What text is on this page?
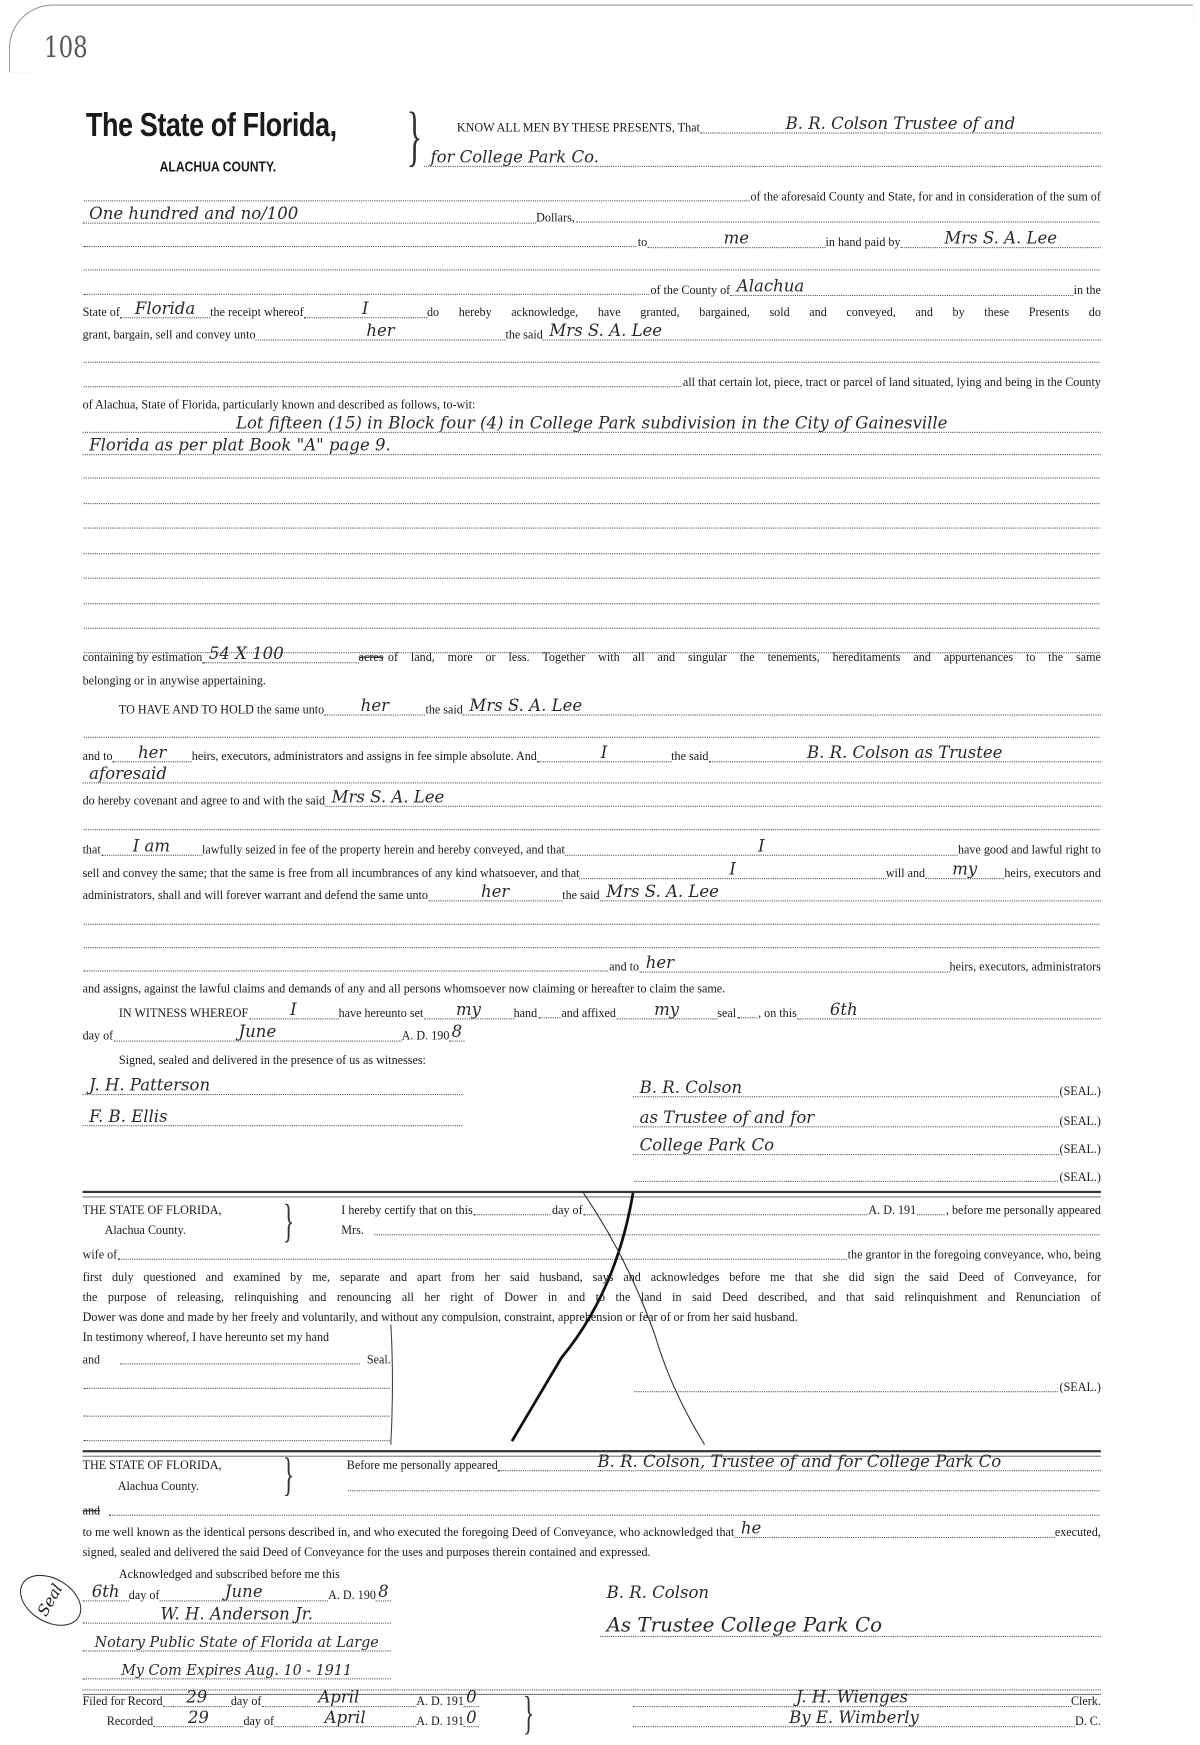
108
The State of Florida,
ALACHUA COUNTY. }	KNOW ALL MEN BY THESE PRESENTS, That	B. R. Colson Trustee of and
for College Park Co.
of the aforesaid County and State, for and in consideration of the sum of
One hundred and no/100	Dollars,
to	me	in hand paid by	Mrs S. A. Lee
of the County of Alachua	in the
State of Florida	the receipt whereof	I	do hereby acknowledge, have granted, bargained, sold and conveyed, and by these Presents do
grant, bargain, sell and convey unto	her	the said Mrs S. A. Lee
all that certain lot, piece, tract or parcel of land situated, lying and being in the County
of Alachua, State of Florida, particularly known and described as follows, to-wit:
Lot fifteen (15) in Block four (4) in College Park subdivision in the City of Gainesville
Florida as per plat Book "A" page 9.
containing by estimation 54 X 100	acres of land, more or less. Together with all and singular the tenements, hereditaments and appurtenances to the same
belonging or in anywise appertaining.
TO HAVE AND TO HOLD the same unto	her	the said Mrs S. A. Lee
and to	her	heirs, executors, administrators and assigns in fee simple absolute. And	I	the said	B. R. Colson as Trustee
aforesaid
do hereby covenant and agree to and with the said Mrs S. A. Lee
that	I am	lawfully seized in fee of the property herein and hereby conveyed, and that	I	have good and lawful right to
sell and convey the same; that the same is free from all incumbrances of any kind whatsoever, and that	I	will and	my	heirs, executors and
administrators, shall and will forever warrant and defend the same unto	her	the said Mrs S. A. Lee
and to her	heirs, executors, administrators
and assigns, against the lawful claims and demands of any and all persons whomsoever now claiming or hereafter to claim the same.
IN WITNESS WHEREOF	I	have hereunto set	my	hand and affixed	my	seal , on this	6th
day of	June	A. D. 190 8
Signed, sealed and delivered in the presence of us as witnesses:
J. H. Patterson
F. B. Ellis
B. R. Colson	(SEAL.)
as Trustee of and for	(SEAL.)
College Park Co	(SEAL.)
(SEAL.)
THE STATE OF FLORIDA,	I hereby certify that on this	day of	A. D. 191	, before me personally appeared
Alachua County.	Mrs.
}
wife of	the grantor in the foregoing conveyance, who, being
first duly questioned and examined by me, separate and apart from her said husband, says and acknowledges before me that she did sign the said Deed of Conveyance, for
the purpose of releasing, relinquishing and renouncing all her right of Dower in and to the land in said Deed described, and that said relinquishment and Renunciation of
Dower was done and made by her freely and voluntarily, and without any compulsion, constraint, apprehension or fear of or from her said husband.
In testimony whereof, I have hereunto set my hand
and	Seal.
(SEAL.)
THE STATE OF FLORIDA,	Before me personally appeared	B. R. Colson, Trustee of and for College Park Co
Alachua County.	}
and
to me well known as the identical persons described in, and who executed the foregoing Deed of Conveyance, who acknowledged that he	executed,
signed, sealed and delivered the said Deed of Conveyance for the uses and purposes therein contained and expressed.
Acknowledged and subscribed before me this
6th day of	June	A. D. 190 8
W. H. Anderson Jr.
Notary Public State of Florida at Large
My Com Expires Aug. 10 - 1911
Seal	B. R. Colson
As Trustee College Park Co
Filed for Record	29	day of	April	A. D. 191 0
Recorded	29	day of	April	A. D. 191 0 }	J. H. Wienges	Clerk.
By E. Wimberly	D. C.
